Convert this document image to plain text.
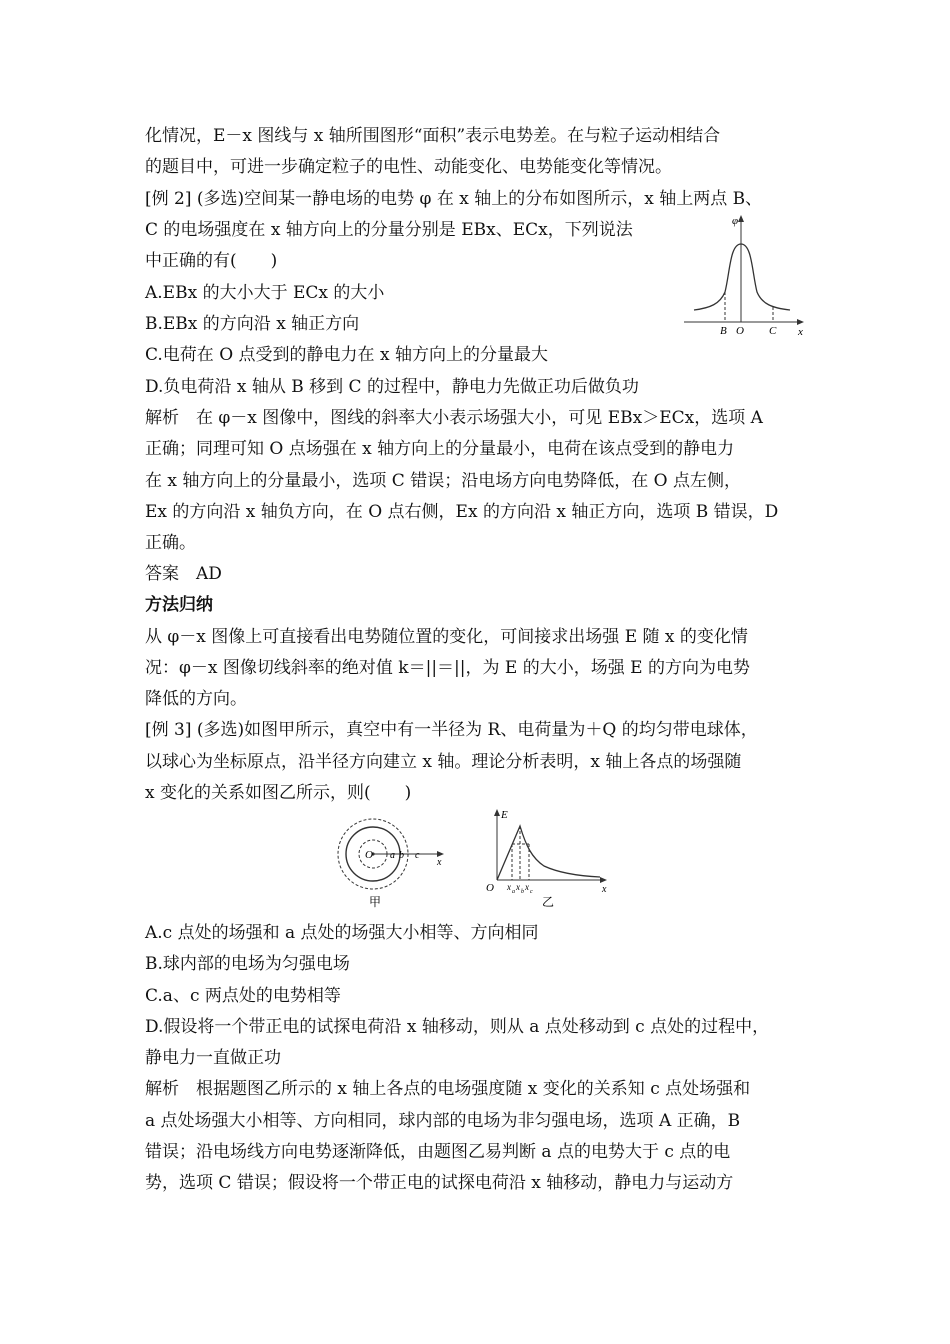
化情况，E－x 图线与 x 轴所围图形“面积”表示电势差。在与粒子运动相结合
的题目中，可进一步确定粒子的电性、动能变化、电势能变化等情况。
[例 2] (多选)空间某一静电场的电势 φ 在 x 轴上的分布如图所示，x 轴上两点 B、
C 的电场强度在 x 轴方向上的分量分别是 EBx、ECx，下列说法
中正确的有(　　)
A.EBx 的大小大于 ECx 的大小
B.EBx 的方向沿 x 轴正方向
C.电荷在 O 点受到的静电力在 x 轴方向上的分量最大
D.负电荷沿 x 轴从 B 移到 C 的过程中，静电力先做正功后做负功
解析　在 φ－x 图像中，图线的斜率大小表示场强大小，可见 EBx＞ECx，选项 A
正确；同理可知 O 点场强在 x 轴方向上的分量最小，电荷在该点受到的静电力
在 x 轴方向上的分量最小，选项 C 错误；沿电场方向电势降低，在 O 点左侧，
Ex 的方向沿 x 轴负方向，在 O 点右侧，Ex 的方向沿 x 轴正方向，选项 B 错误，D
正确。
答案　AD
方法归纳
从 φ－x 图像上可直接看出电势随位置的变化，可间接求出场强 E 随 x 的变化情
况：φ－x 图像切线斜率的绝对值 k＝||＝||，为 E 的大小，场强 E 的方向为电势
降低的方向。
[例 3] (多选)如图甲所示，真空中有一半径为 R、电荷量为＋Q 的均匀带电球体，
以球心为坐标原点，沿半径方向建立 x 轴。理论分析表明，x 轴上各点的场强随
x 变化的关系如图乙所示，则(　　)
A.c 点处的场强和 a 点处的场强大小相等、方向相同
B.球内部的电场为匀强电场
C.a、c 两点处的电势相等
D.假设将一个带正电的试探电荷沿 x 轴移动，则从 a 点处移动到 c 点处的过程中，
静电力一直做正功
解析　根据题图乙所示的 x 轴上各点的电场强度随 x 变化的关系知 c 点处场强和
a 点处场强大小相等、方向相同，球内部的电场为非匀强电场，选项 A 正确，B
错误；沿电场线方向电势逐渐降低，由题图乙易判断 a 点的电势大于 c 点的电
势，选项 C 错误；假设将一个带正电的试探电荷沿 x 轴移动，静电力与运动方
φ
x
B O C
O a b c
x
甲
E
O x a x b x c	x
乙
